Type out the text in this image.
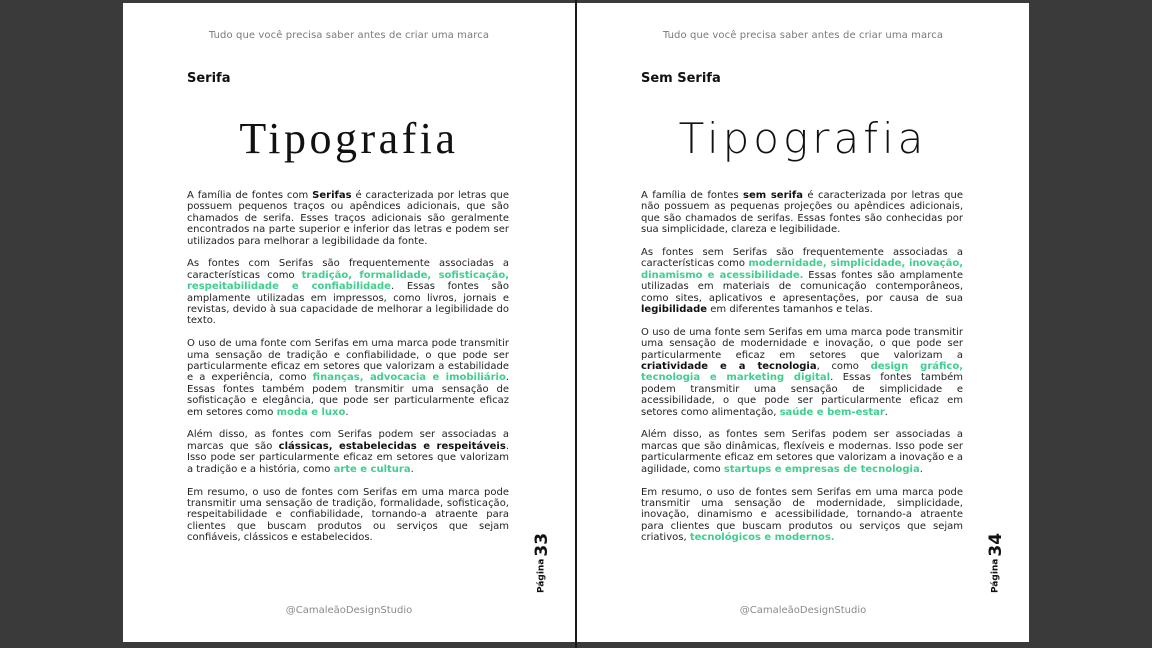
Tudo que você precisa saber antes de criar uma marca
Serifa
Tipografia

A família de fontes com Serifas é caracterizada por letras que possuem pequenos traços ou apêndices adicionais, que são chamados de serifa. Esses traços adicionais são geralmente encontrados na parte superior e inferior das letras e podem ser utilizados para melhorar a legibilidade da fonte.

As fontes com Serifas são frequentemente associadas a características como tradição, formalidade, sofisticação, respeitabilidade e confiabilidade. Essas fontes são amplamente utilizadas em impressos, como livros, jornais e revistas, devido à sua capacidade de melhorar a legibilidade do texto.

O uso de uma fonte com Serifas em uma marca pode transmitir uma sensação de tradição e confiabilidade, o que pode ser particularmente eficaz em setores que valorizam a estabilidade e a experiência, como finanças, advocacia e imobiliário. Essas fontes também podem transmitir uma sensação de sofisticação e elegância, que pode ser particularmente eficaz em setores como moda e luxo.

Além disso, as fontes com Serifas podem ser associadas a marcas que são clássicas, estabelecidas e respeitáveis. Isso pode ser particularmente eficaz em setores que valorizam a tradição e a história, como arte e cultura.

Em resumo, o uso de fontes com Serifas em uma marca pode transmitir uma sensação de tradição, formalidade, sofisticação, respeitabilidade e confiabilidade, tornando-a atraente para clientes que buscam produtos ou serviços que sejam confiáveis, clássicos e estabelecidos.

Página33
@CamaleãoDesignStudio
Tudo que você precisa saber antes de criar uma marca
Sem Serifa
Tipografia

A família de fontes sem serifa é caracterizada por letras que não possuem as pequenas projeções ou apêndices adicionais, que são chamados de serifas. Essas fontes são conhecidas por sua simplicidade, clareza e legibilidade.

As fontes sem Serifas são frequentemente associadas a características como modernidade, simplicidade, inovação, dinamismo e acessibilidade. Essas fontes são amplamente utilizadas em materiais de comunicação contemporâneos, como sites, aplicativos e apresentações, por causa de sua legibilidade em diferentes tamanhos e telas.

O uso de uma fonte sem Serifas em uma marca pode transmitir uma sensação de modernidade e inovação, o que pode ser particularmente eficaz em setores que valorizam a criatividade e a tecnologia, como design gráfico, tecnologia e marketing digital. Essas fontes também podem transmitir uma sensação de simplicidade e acessibilidade, o que pode ser particularmente eficaz em setores como alimentação, saúde e bem-estar.

Além disso, as fontes sem Serifas podem ser associadas a marcas que são dinâmicas, flexíveis e modernas. Isso pode ser particularmente eficaz em setores que valorizam a inovação e a agilidade, como startups e empresas de tecnologia.

Em resumo, o uso de fontes sem Serifas em uma marca pode transmitir uma sensação de modernidade, simplicidade, inovação, dinamismo e acessibilidade, tornando-a atraente para clientes que buscam produtos ou serviços que sejam criativos, tecnológicos e modernos.

Página34
@CamaleãoDesignStudio
